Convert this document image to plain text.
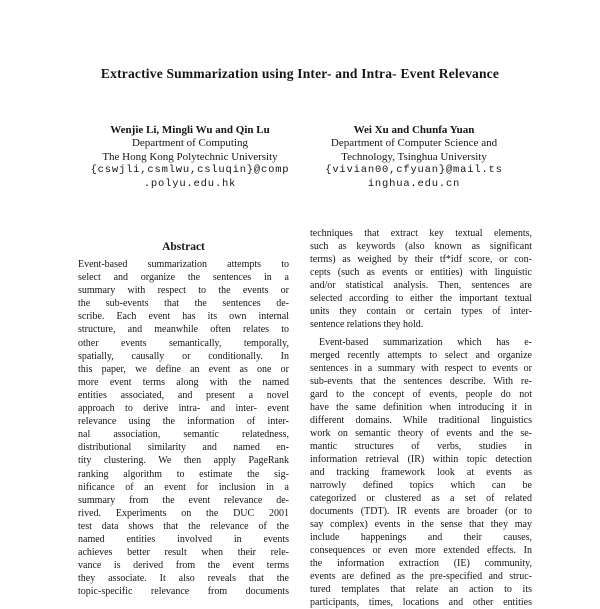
Extractive Summarization using Inter- and Intra- Event Relevance
Wenjie Li, Mingli Wu and Qin Lu
Department of Computing
The Hong Kong Polytechnic University
{cswjli,csmlwu,csluqin}@comp
.polyu.edu.hk
Wei Xu and Chunfa Yuan
Department of Computer Science and
Technology, Tsinghua University
{vivian00,cfyuan}@mail.ts
inghua.edu.cn
Abstract
Event-based summarization attempts to
select and organize the sentences in a
summary with respect to the events or
the sub-events that the sentences de-
scribe. Each event has its own internal
structure, and meanwhile often relates to
other events semantically, temporally,
spatially, causally or conditionally. In
this paper, we define an event as one or
more event terms along with the named
entities associated, and present a novel
approach to derive intra- and inter- event
relevance using the information of inter-
nal association, semantic relatedness,
distributional similarity and named en-
tity clustering. We then apply PageRank
ranking algorithm to estimate the sig-
nificance of an event for inclusion in a
summary from the event relevance de-
rived. Experiments on the DUC 2001
test data shows that the relevance of the
named entities involved in events
achieves better result when their rele-
vance is derived from the event terms
they associate. It also reveals that the
topic-specific relevance from documents
techniques that extract key textual elements,
such as keywords (also known as significant
terms) as weighed by their tf*idf score, or con-
cepts (such as events or entities) with linguistic
and/or statistical analysis. Then, sentences are
selected according to either the important textual
units they contain or certain types of inter-
sentence relations they hold.
Event-based summarization which has e-
merged recently attempts to select and organize
sentences in a summary with respect to events or
sub-events that the sentences describe. With re-
gard to the concept of events, people do not
have the same definition when introducing it in
different domains. While traditional linguistics
work on semantic theory of events and the se-
mantic structures of verbs, studies in
information retrieval (IR) within topic detection
and tracking framework look at events as
narrowly defined topics which can be
categorized or clustered as a set of related
documents (TDT). IR events are broader (or to
say complex) events in the sense that they may
include happenings and their causes,
consequences or even more extended effects. In
the information extraction (IE) community,
events are defined as the pre-specified and struc-
tured templates that relate an action to its
participants, times, locations and other entities
